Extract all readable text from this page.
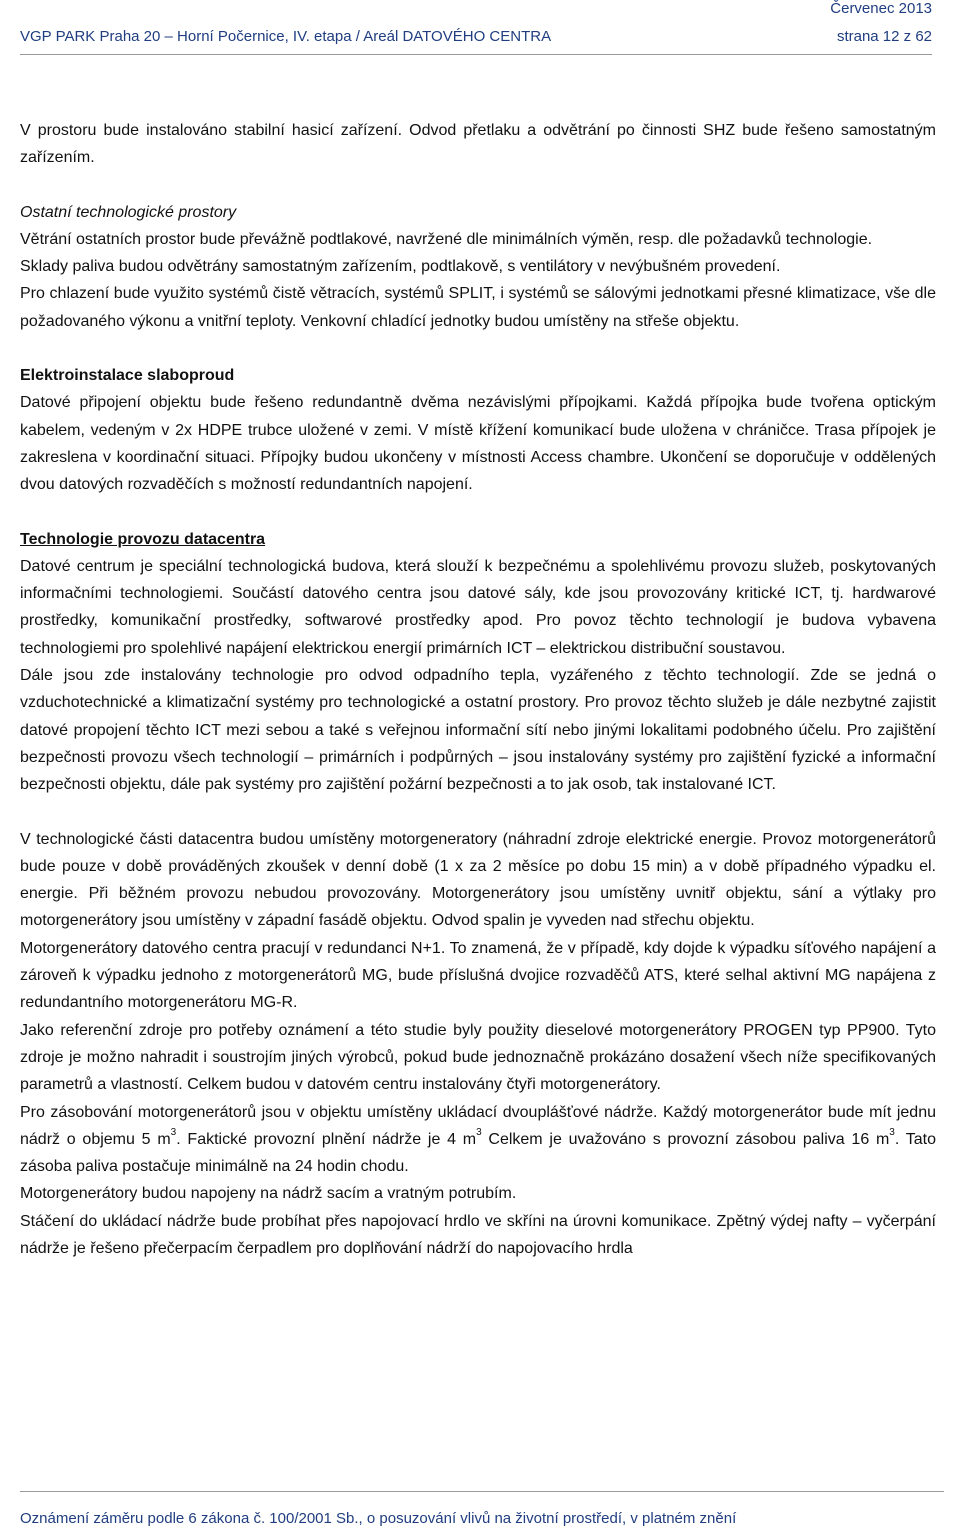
Červenec 2013
VGP PARK Praha 20 – Horní Počernice, IV. etapa / Areál DATOVÉHO CENTRA	strana 12 z 62

V prostoru bude instalováno stabilní hasicí zařízení. Odvod přetlaku a odvětrání po činnosti SHZ bude řešeno samostatným zařízením.

Ostatní technologické prostory

Větrání ostatních prostor bude převážně podtlakové, navržené dle minimálních výměn, resp. dle požadavků technologie.

Sklady paliva budou odvětrány samostatným zařízením, podtlakově, s ventilátory v nevýbušném provedení.

Pro chlazení bude využito systémů čistě větracích, systémů SPLIT, i systémů se sálovými jednotkami přesné klimatizace, vše dle požadovaného výkonu a vnitřní teploty. Venkovní chladící jednotky budou umístěny na střeše objektu.

Elektroinstalace slaboproud

Datové připojení objektu bude řešeno redundantně dvěma nezávislými přípojkami. Každá přípojka bude tvořena optickým kabelem, vedeným v 2x HDPE trubce uložené v zemi. V místě křížení komunikací bude uložena v chráničce. Trasa přípojek je zakreslena v koordinační situaci. Přípojky budou ukončeny v místnosti Access chambre. Ukončení se doporučuje v oddělených dvou datových rozvaděčích s možností redundantních napojení.

Technologie provozu datacentra

Datové centrum je speciální technologická budova, která slouží k bezpečnému a spolehlivému provozu služeb, poskytovaných informačními technologiemi. Součástí datového centra jsou datové sály, kde jsou provozovány kritické ICT, tj. hardwarové prostředky, komunikační prostředky, softwarové prostředky apod. Pro povoz těchto technologií je budova vybavena technologiemi pro spolehlivé napájení elektrickou energií primárních ICT – elektrickou distribuční soustavou.

Dále jsou zde instalovány technologie pro odvod odpadního tepla, vyzářeného z těchto technologií. Zde se jedná o vzduchotechnické a klimatizační systémy pro technologické a ostatní prostory. Pro provoz těchto služeb je dále nezbytné zajistit datové propojení těchto ICT mezi sebou a také s veřejnou informační sítí nebo jinými lokalitami podobného účelu. Pro zajištění bezpečnosti provozu všech technologií – primárních i podpůrných – jsou instalovány systémy pro zajištění fyzické a informační bezpečnosti objektu, dále pak systémy pro zajištění požární bezpečnosti a to jak osob, tak instalované ICT.

V technologické části datacentra budou umístěny motorgeneratory (náhradní zdroje elektrické energie. Provoz motorgenerátorů bude pouze v době prováděných zkoušek v denní době (1 x za 2 měsíce po dobu 15 min) a v době případného výpadku el. energie. Při běžném provozu nebudou provozovány. Motorgenerátory jsou umístěny uvnitř objektu, sání a výtlaky pro motorgenerátory jsou umístěny v západní fasádě objektu. Odvod spalin je vyveden nad střechu objektu.

Motorgenerátory datového centra pracují v redundanci N+1. To znamená, že v případě, kdy dojde k výpadku síťového napájení a zároveň k výpadku jednoho z motorgenerátorů MG, bude příslušná dvojice rozvaděčů ATS, které selhal aktivní MG napájena z redundantního motorgenerátoru MG-R.

Jako referenční zdroje pro potřeby oznámení a této studie byly použity dieselové motorgenerátory PROGEN typ PP900. Tyto zdroje je možno nahradit i soustrojím jiných výrobců, pokud bude jednoznačně prokázáno dosažení všech níže specifikovaných parametrů a vlastností. Celkem budou v datovém centru instalovány čtyři motorgenerátory.

Pro zásobování motorgenerátorů jsou v objektu umístěny ukládací dvouplášťové nádrže. Každý motorgenerátor bude mít jednu nádrž o objemu 5 $m^3$. Faktické provozní plnění nádrže je 4 $m^3$ Celkem je uvažováno s provozní zásobou paliva 16 $m^3$. Tato zásoba paliva postačuje minimálně na 24 hodin chodu.

Motorgenerátory budou napojeny na nádrž sacím a vratným potrubím.

Stáčení do ukládací nádrže bude probíhat přes napojovací hrdlo ve skříni na úrovni komunikace. Zpětný výdej nafty – vyčerpání nádrže je řešeno přečerpacím čerpadlem pro doplňování nádrží do napojovacího hrdla

Oznámení záměru podle 6 zákona č. 100/2001 Sb., o posuzování vlivů na životní prostředí, v platném znění
